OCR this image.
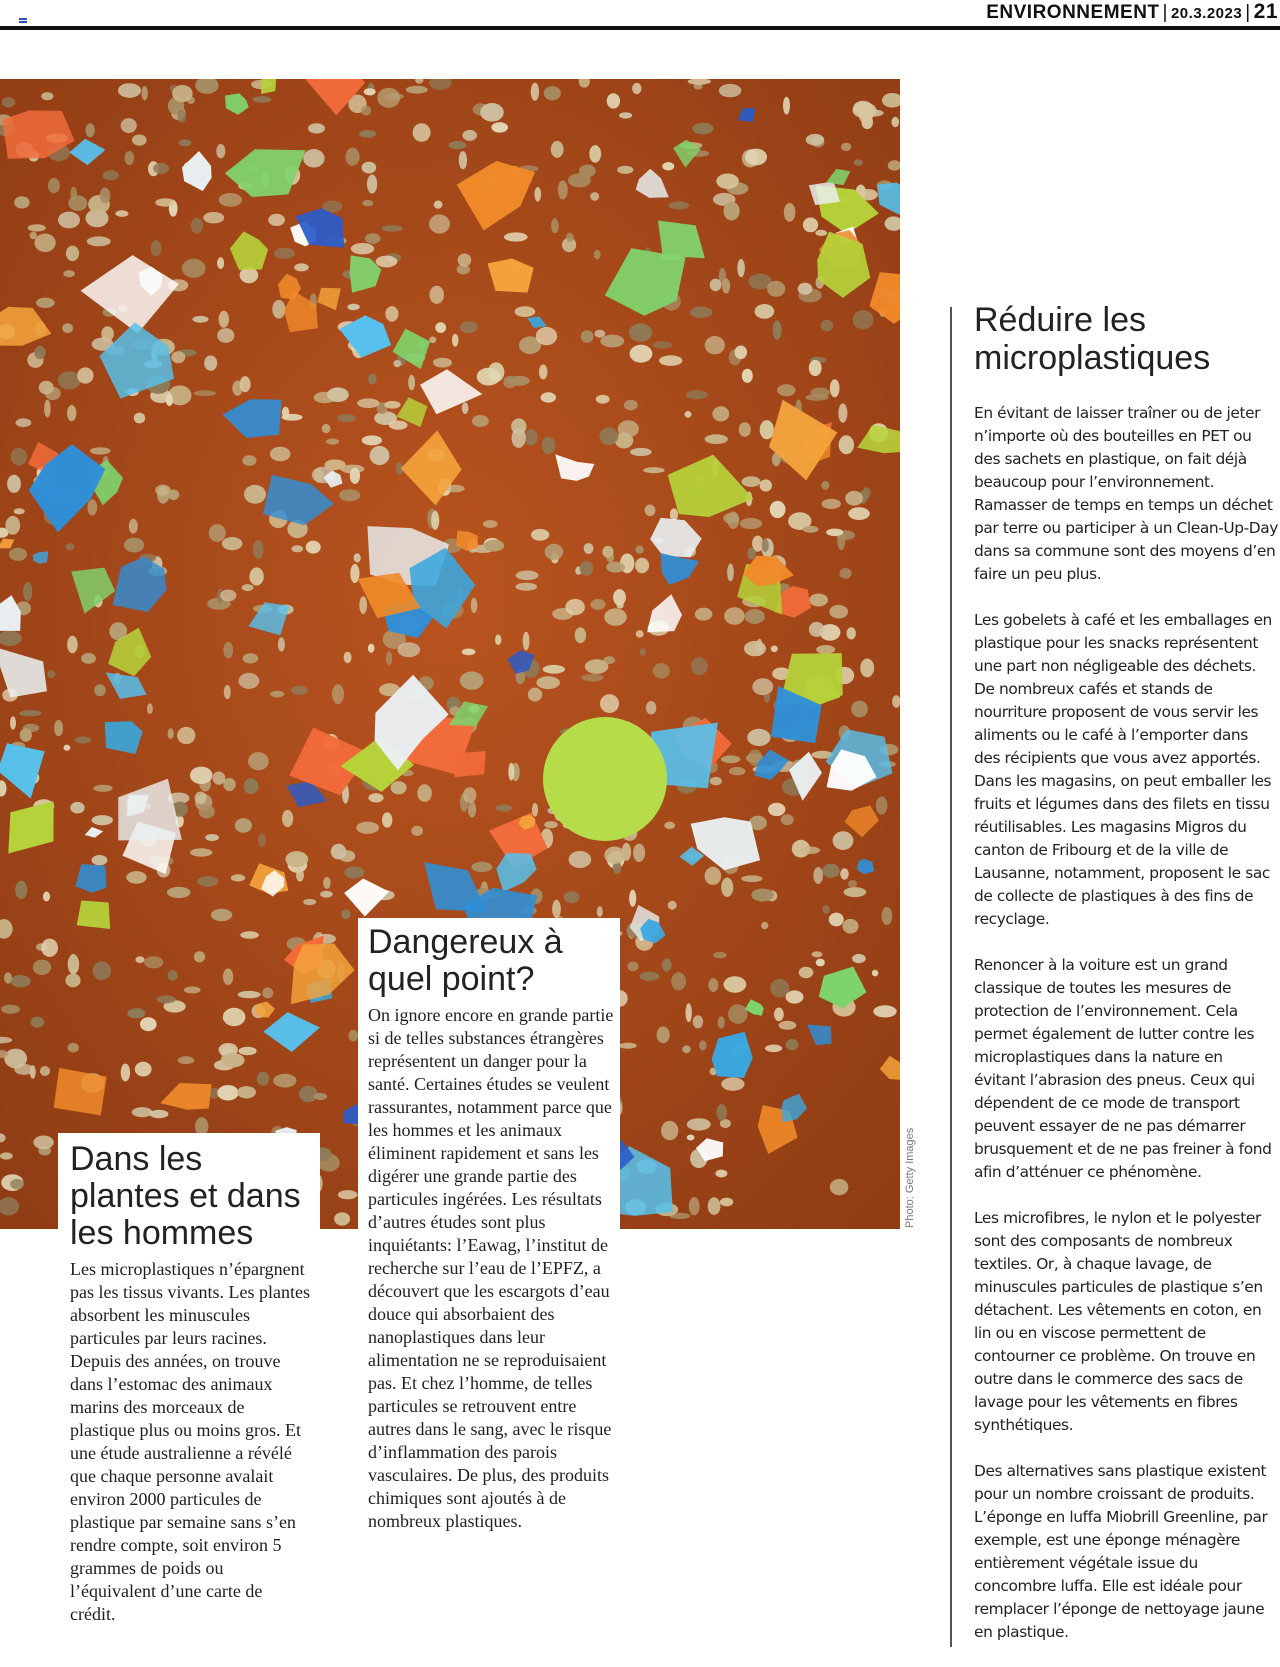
ENVIRONNEMENT | 20.3.2023 | 21
Photo: Getty Images
Dans les plantes et dans les hommes
Les microplastiques n’épargnent pas les tissus vivants. Les plantes absorbent les minuscules particules par leurs racines. Depuis des années, on trouve dans l’estomac des animaux marins des morceaux de plastique plus ou moins gros. Et une étude australienne a révélé que chaque personne avalait environ 2000 particules de plastique par semaine sans s’en rendre compte, soit environ 5 grammes de poids ou l’équivalent d’une carte de crédit.
Dangereux à quel point?
On ignore encore en grande partie si de telles substances étrangères représentent un danger pour la santé. Certaines études se veulent rassurantes, notamment parce que les hommes et les animaux éliminent rapidement et sans les digérer une grande partie des particules ingérées. Les résultats d’autres études sont plus inquiétants: l’Eawag, l’institut de recherche sur l’eau de l’EPFZ, a découvert que les escargots d’eau douce qui absorbaient des nanoplastiques dans leur alimentation ne se reproduisaient pas. Et chez l’homme, de telles particules se retrouvent entre autres dans le sang, avec le risque d’inflammation des parois vasculaires. De plus, des produits chimiques sont ajoutés à de nombreux plastiques.
Réduire les microplastiques

En évitant de laisser traîner ou de jeter n’importe où des bouteilles en PET ou des sachets en plastique, on fait déjà beaucoup pour l’environnement. Ramasser de temps en temps un déchet par terre ou participer à un Clean-Up-Day dans sa commune sont des moyens d’en faire un peu plus.

Les gobelets à café et les emballages en plastique pour les snacks représentent une part non négligeable des déchets. De nombreux cafés et stands de nourriture proposent de vous servir les aliments ou le café à l’emporter dans des récipients que vous avez apportés. Dans les magasins, on peut emballer les fruits et légumes dans des filets en tissu réutilisables. Les magasins Migros du canton de Fribourg et de la ville de Lausanne, notamment, proposent le sac de collecte de plastiques à des fins de recyclage.

Renoncer à la voiture est un grand classique de toutes les mesures de protection de l’environnement. Cela permet également de lutter contre les microplastiques dans la nature en évitant l’abrasion des pneus. Ceux qui dépendent de ce mode de transport peuvent essayer de ne pas démarrer brusquement et de ne pas freiner à fond afin d’atténuer ce phénomène.

Les microfibres, le nylon et le polyester sont des composants de nombreux textiles. Or, à chaque lavage, de minuscules particules de plastique s’en détachent. Les vêtements en coton, en lin ou en viscose permettent de contourner ce problème. On trouve en outre dans le commerce des sacs de lavage pour les vêtements en fibres synthétiques.

Des alternatives sans plastique existent pour un nombre croissant de produits. L’éponge en luffa Miobrill Greenline, par exemple, est une éponge ménagère entièrement végétale issue du concombre luffa. Elle est idéale pour remplacer l’éponge de nettoyage jaune en plastique.
